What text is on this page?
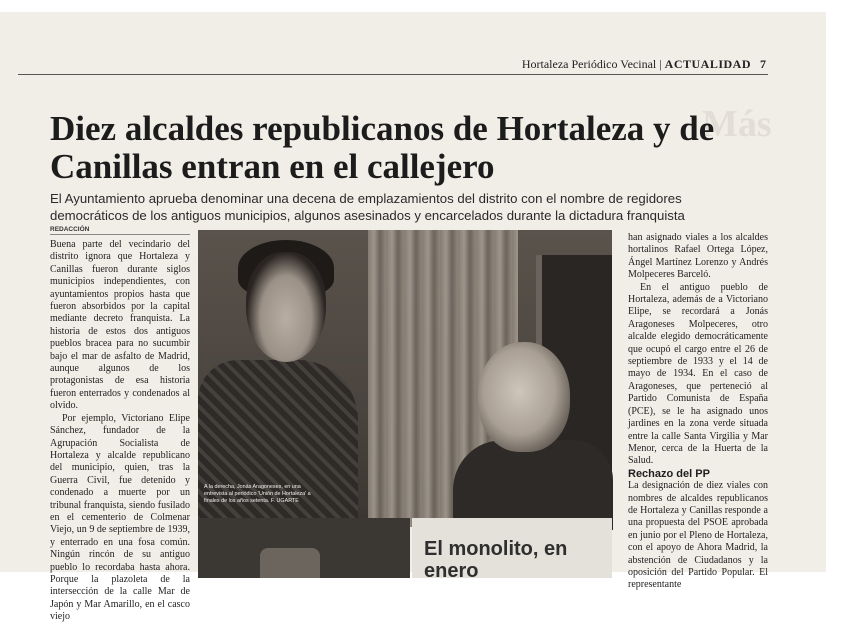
Más
Hortaleza Periódico Vecinal | ACTUALIDAD 7
Diez alcaldes republicanos de Hortaleza y de Canillas entran en el callejero

El Ayuntamiento aprueba denominar una decena de emplazamientos del distrito con el nombre de regidores democráticos de los antiguos municipios, algunos asesinados y encarcelados durante la dictadura franquista

REDACCIÓN

Buena parte del vecindario del distrito ignora que Hortaleza y Canillas fueron durante siglos municipios independientes, con ayuntamientos propios hasta que fueron absorbidos por la capital mediante decreto franquista. La historia de estos dos antiguos pueblos bracea para no sucumbir bajo el mar de asfalto de Madrid, aunque algunos de los protagonistas de esa historia fueron enterrados y condenados al olvido.

Por ejemplo, Victoriano Elipe Sánchez, fundador de la Agrupación Socialista de Hortaleza y alcalde republicano del municipio, quien, tras la Guerra Civil, fue detenido y condenado a muerte por un tribunal franquista, siendo fusilado en el cementerio de Colmenar Viejo, un 9 de septiembre de 1939, y enterrado en una fosa común. Ningún rincón de su antiguo pueblo lo recordaba hasta ahora. Porque la plazoleta de la intersección de la calle Mar de Japón y Mar Amarillo, en el casco viejo

A la derecha, Jonás Aragoneses, en una entrevista al periódico 'Unión de Hortaleza' a finales de los años setenta. F. UGARTE

han asignado viales a los alcaldes hortalinos Rafael Ortega López, Ángel Martínez Lorenzo y Andrés Molpeceres Barceló.

En el antiguo pueblo de Hortaleza, además de a Victoriano Elipe, se recordará a Jonás Aragoneses Molpeceres, otro alcalde elegido democráticamente que ocupó el cargo entre el 26 de septiembre de 1933 y el 14 de mayo de 1934. En el caso de Aragoneses, que perteneció al Partido Comunista de España (PCE), se le ha asignado unos jardines en la zona verde situada entre la calle Santa Virgilia y Mar Menor, cerca de la Huerta de la Salud.

Rechazo del PP

La designación de diez viales con nombres de alcaldes republicanos de Hortaleza y Canillas responde a una propuesta del PSOE aprobada en junio por el Pleno de Hortaleza, con el apoyo de Ahora Madrid, la abstención de Ciudadanos y la oposición del Partido Popular. El representante

El monolito, en enero
